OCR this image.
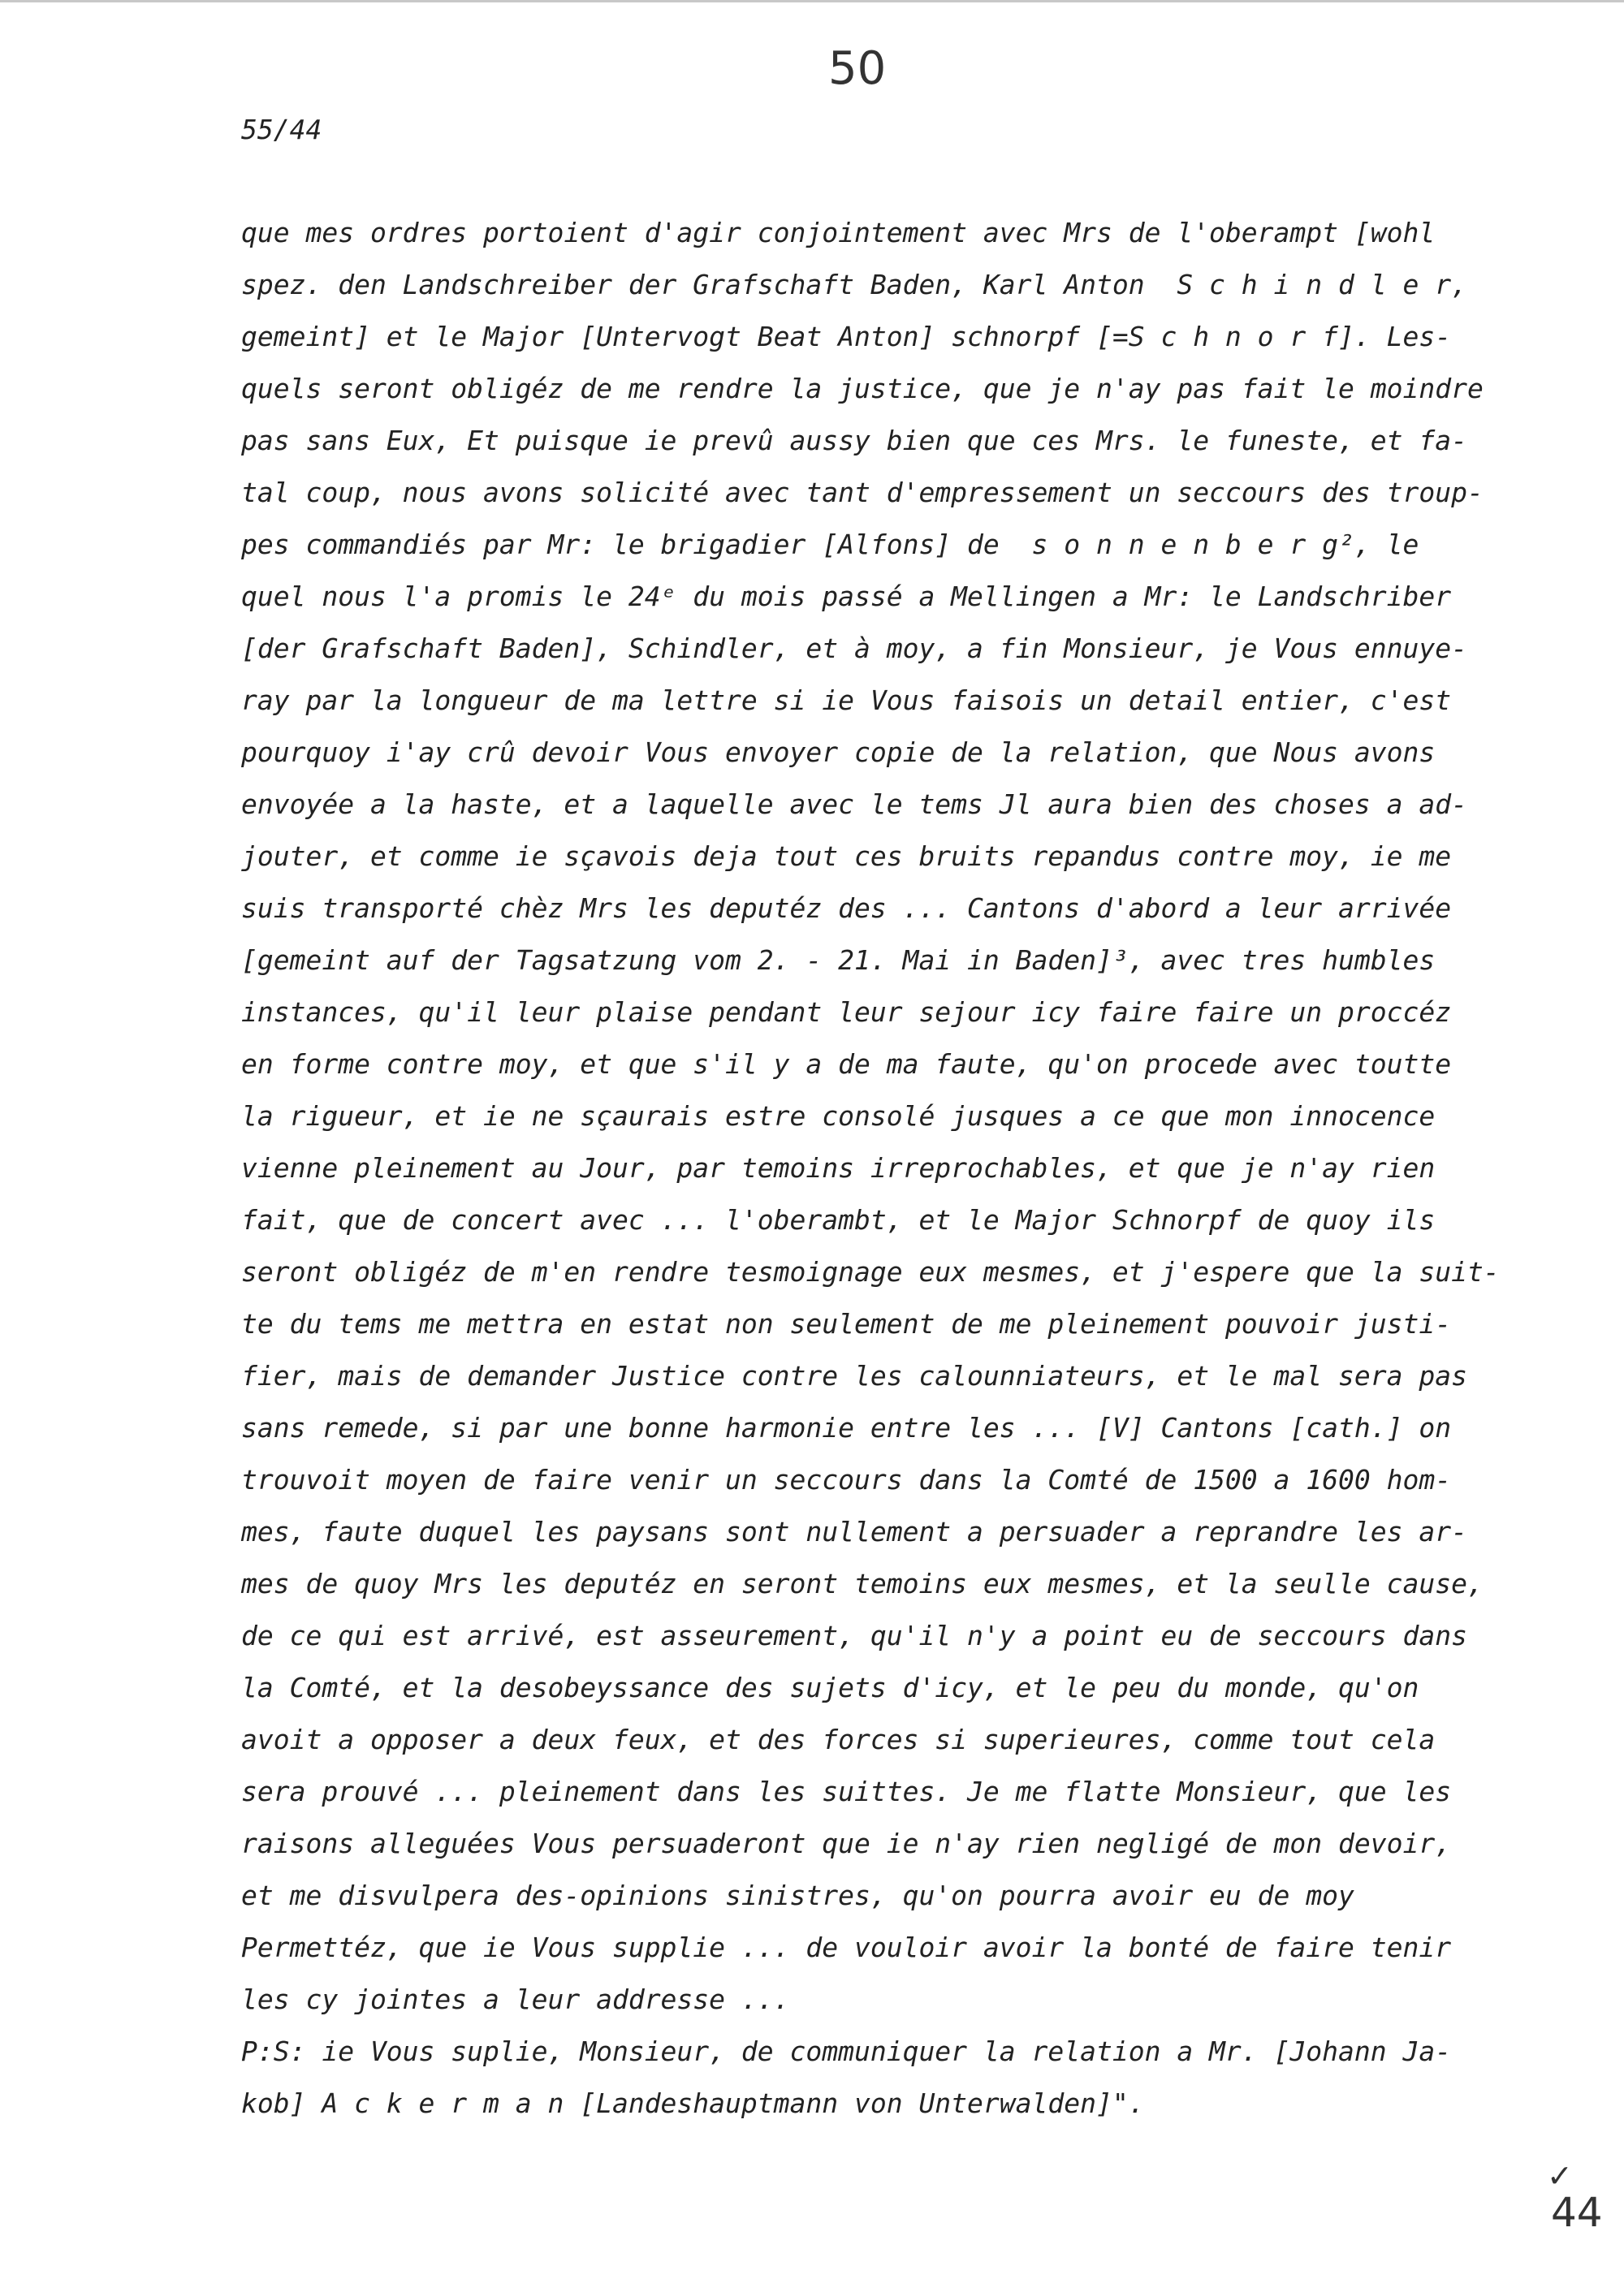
50
55/44
que mes ordres portoient d'agir conjointement avec Mrs de l'oberampt [wohl
spez. den Landschreiber der Grafschaft Baden, Karl Anton  S c h i n d l e r,
gemeint] et le Major [Untervogt Beat Anton] schnorpf [=S c h n o r f]. Les-
quels seront obligéz de me rendre la justice, que je n'ay pas fait le moindre
pas sans Eux, Et puisque ie prevû aussy bien que ces Mrs. le funeste, et fa-
tal coup, nous avons solicité avec tant d'empressement un seccours des troup-
pes commandiés par Mr: le brigadier [Alfons] de  s o n n e n b e r g², le
quel nous l'a promis le 24ᵉ du mois passé a Mellingen a Mr: le Landschriber
[der Grafschaft Baden], Schindler, et à moy, a fin Monsieur, je Vous ennuye-
ray par la longueur de ma lettre si ie Vous faisois un detail entier, c'est
pourquoy i'ay crû devoir Vous envoyer copie de la relation, que Nous avons
envoyée a la haste, et a laquelle avec le tems Jl aura bien des choses a ad-
jouter, et comme ie sçavois deja tout ces bruits repandus contre moy, ie me
suis transporté chèz Mrs les deputéz des ... Cantons d'abord a leur arrivée
[gemeint auf der Tagsatzung vom 2. - 21. Mai in Baden]³, avec tres humbles
instances, qu'il leur plaise pendant leur sejour icy faire faire un proccéz
en forme contre moy, et que s'il y a de ma faute, qu'on procede avec toutte
la rigueur, et ie ne sçaurais estre consolé jusques a ce que mon innocence
vienne pleinement au Jour, par temoins irreprochables, et que je n'ay rien
fait, que de concert avec ... l'oberambt, et le Major Schnorpf de quoy ils
seront obligéz de m'en rendre tesmoignage eux mesmes, et j'espere que la suit-
te du tems me mettra en estat non seulement de me pleinement pouvoir justi-
fier, mais de demander Justice contre les calounniateurs, et le mal sera pas
sans remede, si par une bonne harmonie entre les ... [V] Cantons [cath.] on
trouvoit moyen de faire venir un seccours dans la Comté de 1500 a 1600 hom-
mes, faute duquel les paysans sont nullement a persuader a reprandre les ar-
mes de quoy Mrs les deputéz en seront temoins eux mesmes, et la seulle cause,
de ce qui est arrivé, est asseurement, qu'il n'y a point eu de seccours dans
la Comté, et la desobeyssance des sujets d'icy, et le peu du monde, qu'on
avoit a opposer a deux feux, et des forces si superieures, comme tout cela
sera prouvé ... pleinement dans les suittes. Je me flatte Monsieur, que les
raisons alleguées Vous persuaderont que ie n'ay rien negligé de mon devoir,
et me disvulpera des-opinions sinistres, qu'on pourra avoir eu de moy
Permettéz, que ie Vous supplie ... de vouloir avoir la bonté de faire tenir
les cy jointes a leur addresse ...
P:S: ie Vous suplie, Monsieur, de communiquer la relation a Mr. [Johann Ja-
kob] A c k e r m a n [Landeshauptmann von Unterwalden]".
✓
44
